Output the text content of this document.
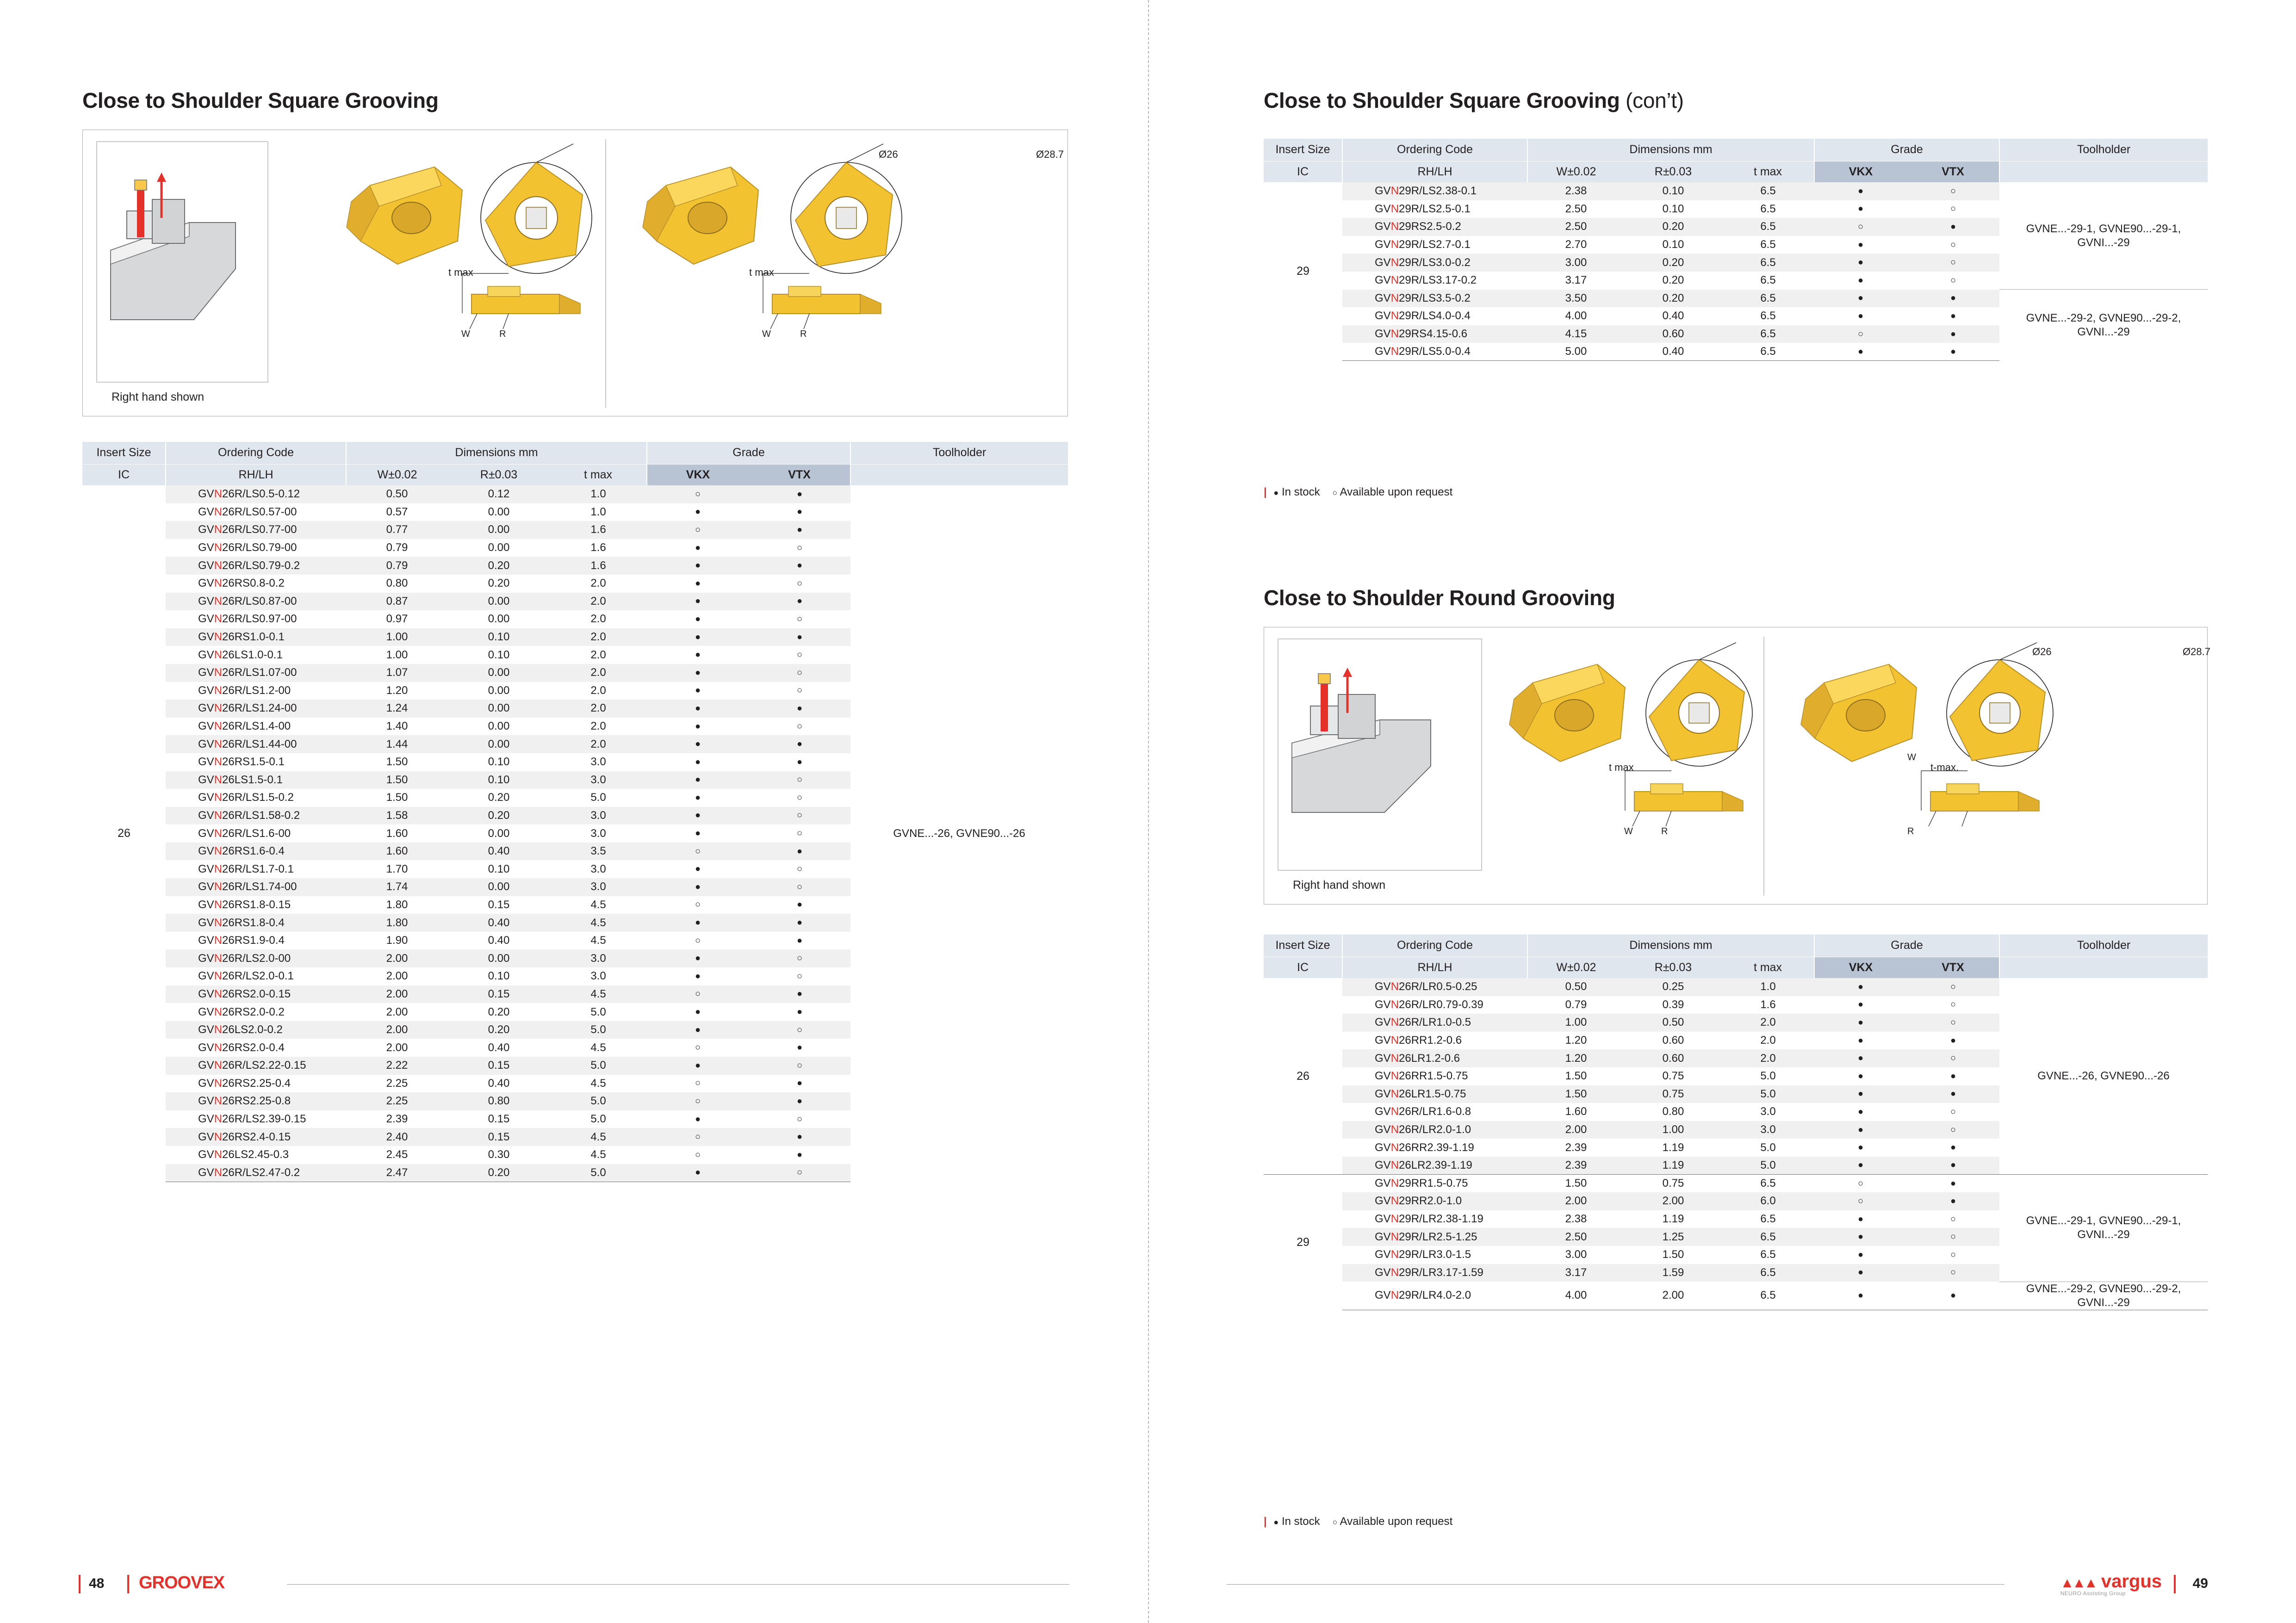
Close to Shoulder Square Grooving
Ø26	Ø28.7
t max	t max
W	R	W	R
Right hand shown
Insert Size	Ordering Code	Dimensions mm			Grade		Toolholder
IC	RH/LH	W±0.02	R±0.03	t max	VKX	VTX	
26	GVN26R/LS0.5-0.12	0.50	0.12	1.0	○	●	GVNE...-26, GVNE90...-26
	GVN26R/LS0.57-00	0.57	0.00	1.0	●	●	
	GVN26R/LS0.77-00	0.77	0.00	1.6	○	●	
	GVN26R/LS0.79-00	0.79	0.00	1.6	●	○	
	GVN26R/LS0.79-0.2	0.79	0.20	1.6	●	●	
	GVN26RS0.8-0.2	0.80	0.20	2.0	●	○	
	GVN26R/LS0.87-00	0.87	0.00	2.0	●	●	
	GVN26R/LS0.97-00	0.97	0.00	2.0	●	○	
	GVN26RS1.0-0.1	1.00	0.10	2.0	●	●	
	GVN26LS1.0-0.1	1.00	0.10	2.0	●	○	
	GVN26R/LS1.07-00	1.07	0.00	2.0	●	○	
	GVN26R/LS1.2-00	1.20	0.00	2.0	●	○	
	GVN26R/LS1.24-00	1.24	0.00	2.0	●	●	
	GVN26R/LS1.4-00	1.40	0.00	2.0	●	○	
	GVN26R/LS1.44-00	1.44	0.00	2.0	●	●	
	GVN26RS1.5-0.1	1.50	0.10	3.0	●	●	
	GVN26LS1.5-0.1	1.50	0.10	3.0	●	○	
	GVN26R/LS1.5-0.2	1.50	0.20	5.0	●	○	
	GVN26R/LS1.58-0.2	1.58	0.20	3.0	●	○	
	GVN26R/LS1.6-00	1.60	0.00	3.0	●	○	
	GVN26RS1.6-0.4	1.60	0.40	3.5	○	●	
	GVN26R/LS1.7-0.1	1.70	0.10	3.0	●	○	
	GVN26R/LS1.74-00	1.74	0.00	3.0	●	○	
	GVN26RS1.8-0.15	1.80	0.15	4.5	○	●	
	GVN26RS1.8-0.4	1.80	0.40	4.5	●	●	
	GVN26RS1.9-0.4	1.90	0.40	4.5	○	●	
	GVN26R/LS2.0-00	2.00	0.00	3.0	●	○	
	GVN26R/LS2.0-0.1	2.00	0.10	3.0	●	○	
	GVN26RS2.0-0.15	2.00	0.15	4.5	○	●	
	GVN26RS2.0-0.2	2.00	0.20	5.0	●	●	
	GVN26LS2.0-0.2	2.00	0.20	5.0	●	○	
	GVN26RS2.0-0.4	2.00	0.40	4.5	○	●	
	GVN26R/LS2.22-0.15	2.22	0.15	5.0	●	○	
	GVN26RS2.25-0.4	2.25	0.40	4.5	○	●	
	GVN26RS2.25-0.8	2.25	0.80	5.0	○	●	
	GVN26R/LS2.39-0.15	2.39	0.15	5.0	●	○	
	GVN26RS2.4-0.15	2.40	0.15	4.5	○	●	
	GVN26LS2.45-0.3	2.45	0.30	4.5	○	●	
	GVN26R/LS2.47-0.2	2.47	0.20	5.0	●	○	
48 GROOVEX
Close to Shoulder Square Grooving (con’t)
Insert Size	Ordering Code	Dimensions mm			Grade		Toolholder
IC	RH/LH	W±0.02	R±0.03	t max	VKX	VTX	
29	GVN29R/LS2.38-0.1	2.38	0.10	6.5	●	○	GVNE...-29-1, GVNE90...-29-1, GVNI...-29
	GVN29R/LS2.5-0.1	2.50	0.10	6.5	●	○	
	GVN29RS2.5-0.2	2.50	0.20	6.5	○	●	
	GVN29R/LS2.7-0.1	2.70	0.10	6.5	●	○	
	GVN29R/LS3.0-0.2	3.00	0.20	6.5	●	○	
	GVN29R/LS3.17-0.2	3.17	0.20	6.5	●	○	
	GVN29R/LS3.5-0.2	3.50	0.20	6.5	●	●	GVNE...-29-2, GVNE90...-29-2, GVNI...-29
	GVN29R/LS4.0-0.4	4.00	0.40	6.5	●	●	
	GVN29RS4.15-0.6	4.15	0.60	6.5	○	●	
	GVN29R/LS5.0-0.4	5.00	0.40	6.5	●	●	
| ● In stock ○ Available upon request
Close to Shoulder Round Grooving
Ø26	Ø28.7
t max	t-max.
W	R
W
R
Right hand shown
Insert Size	Ordering Code	Dimensions mm			Grade		Toolholder
IC	RH/LH	W±0.02	R±0.03	t max	VKX	VTX	
26	GVN26R/LR0.5-0.25	0.50	0.25	1.0	●	○	GVNE...-26, GVNE90...-26
	GVN26R/LR0.79-0.39	0.79	0.39	1.6	●	○	
	GVN26R/LR1.0-0.5	1.00	0.50	2.0	●	○	
	GVN26RR1.2-0.6	1.20	0.60	2.0	●	●	
	GVN26LR1.2-0.6	1.20	0.60	2.0	●	○	
	GVN26RR1.5-0.75	1.50	0.75	5.0	●	●	
	GVN26LR1.5-0.75	1.50	0.75	5.0	●	●	
	GVN26R/LR1.6-0.8	1.60	0.80	3.0	●	○	
	GVN26R/LR2.0-1.0	2.00	1.00	3.0	●	○	
	GVN26RR2.39-1.19	2.39	1.19	5.0	●	●	
	GVN26LR2.39-1.19	2.39	1.19	5.0	●	●	
29	GVN29RR1.5-0.75	1.50	0.75	6.5	○	●	GVNE...-29-1, GVNE90...-29-1, GVNI...-29
	GVN29RR2.0-1.0	2.00	2.00	6.0	○	●	
	GVN29R/LR2.38-1.19	2.38	1.19	6.5	●	○	
	GVN29R/LR2.5-1.25	2.50	1.25	6.5	●	○	
	GVN29R/LR3.0-1.5	3.00	1.50	6.5	●	○	
	GVN29R/LR3.17-1.59	3.17	1.59	6.5	●	○	
	GVN29R/LR4.0-2.0	4.00	2.00	6.5	●	●	GVNE...-29-2, GVNE90...-29-2, GVNI...-29
| ● In stock ○ Available upon request
▲▲▲ vargus
NEURO Assisting Group
49
